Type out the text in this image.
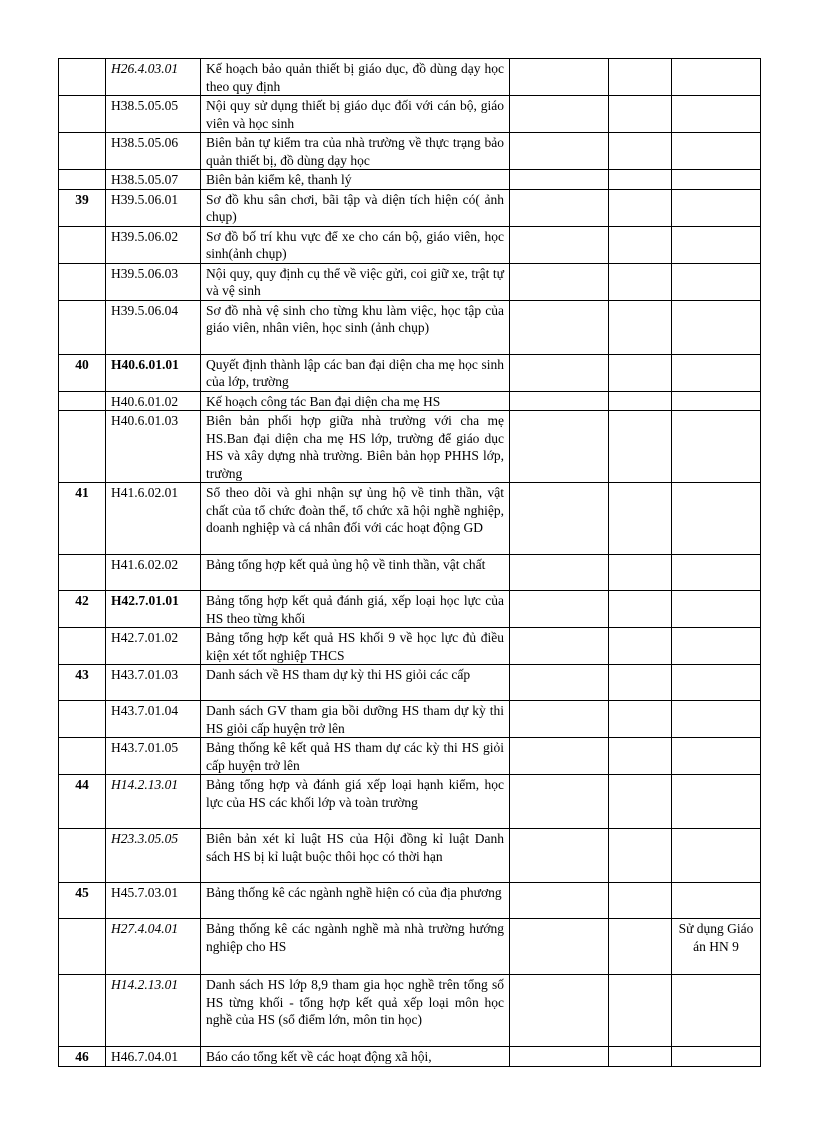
	H26.4.03.01	Kế hoạch bảo quản thiết bị giáo dục, đồ dùng dạy học theo quy định			
	H38.5.05.05	Nội quy sử dụng thiết bị giáo dục đối với cán bộ, giáo viên và học sinh			
	H38.5.05.06	Biên bản tự kiểm tra của nhà trường về thực trạng bảo quản thiết bị, đồ dùng dạy học			
	H38.5.05.07	Biên bản kiểm kê, thanh lý			
39	H39.5.06.01	Sơ đồ khu sân chơi, bãi tập và diện tích hiện có( ảnh chụp)			
	H39.5.06.02	Sơ đồ bố trí khu vực để xe cho cán bộ, giáo viên, học sinh(ảnh chụp)			
	H39.5.06.03	Nội quy, quy định cụ thể về việc gửi, coi giữ xe, trật tự và vệ sinh			
	H39.5.06.04	Sơ đồ nhà vệ sinh cho từng khu làm việc, học tập của giáo viên, nhân viên, học sinh (ảnh chụp)			
40	H40.6.01.01	Quyết định thành lập các ban đại diện cha mẹ học sinh của lớp, trường			
	H40.6.01.02	Kế hoạch công tác Ban đại diện cha mẹ HS			
	H40.6.01.03	Biên bản phối hợp giữa nhà trường với cha mẹ HS.Ban đại diện cha mẹ HS lớp, trường để giáo dục HS và xây dựng nhà trường. Biên bản họp PHHS lớp, trường			
41	H41.6.02.01	Sổ theo dõi và ghi nhận sự ủng hộ về tinh thần, vật chất của tổ chức đoàn thể, tổ chức xã hội nghề nghiệp, doanh nghiệp và cá nhân đối với các hoạt động GD			
	H41.6.02.02	Bảng tổng hợp kết quả ủng hộ về tinh thần, vật chất			
42	H42.7.01.01	Bảng tổng hợp kết quả đánh giá, xếp loại học lực của HS theo từng khối			
	H42.7.01.02	Bảng tổng hợp kết quả HS khối 9 về học lực đủ điều kiện xét tốt nghiệp THCS			
43	H43.7.01.03	Danh sách về HS tham dự kỳ thi HS giỏi các cấp			
	H43.7.01.04	Danh sách GV tham gia bồi dưỡng HS tham dự kỳ thi HS giỏi cấp huyện trở lên			
	H43.7.01.05	Bảng thống kê kết quả HS tham dự các kỳ thi HS giỏi cấp huyện trở lên			
44	H14.2.13.01	Bảng tổng hợp và đánh giá xếp loại hạnh kiểm, học lực của HS các khối lớp và toàn trường			
	H23.3.05.05	Biên bản xét kỉ luật HS của Hội đồng kỉ luật Danh sách HS bị kỉ luật buộc thôi học có thời hạn			
45	H45.7.03.01	Bảng thống kê các ngành nghề hiện có của địa phương			
	H27.4.04.01	Bảng thống kê các ngành nghề mà nhà trường hướng nghiệp cho HS			Sử dụng Giáo án HN 9
	H14.2.13.01	Danh sách HS lớp 8,9 tham gia học nghề trên tổng số HS từng khối - tổng hợp kết quả xếp loại môn học nghề của HS (sổ điểm lớn, môn tin học)			
46	H46.7.04.01	Báo cáo tổng kết về các hoạt động xã hội,			
